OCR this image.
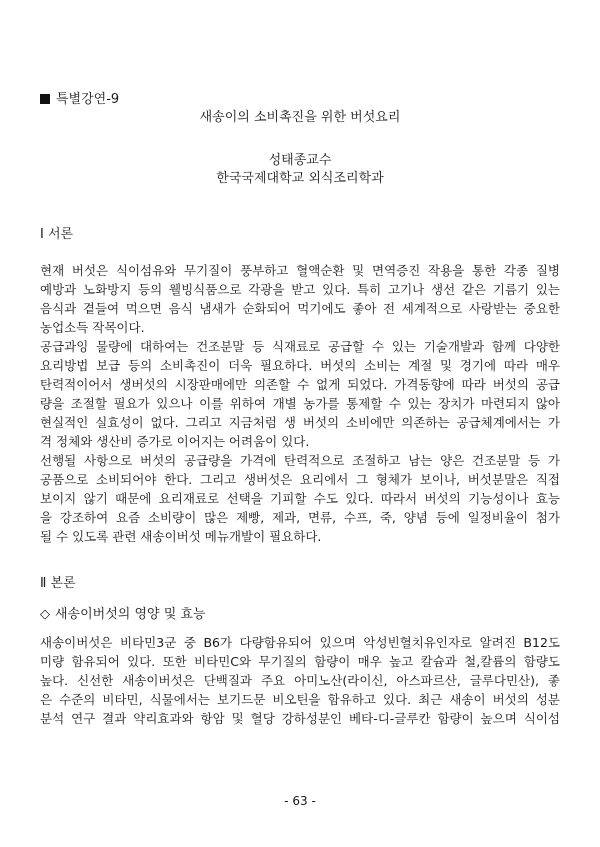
특별강연-9
새송이의 소비촉진을 위한 버섯요리
성태종교수
한국국제대학교 외식조리학과
Ⅰ 서론
현재 버섯은 식이섬유와 무기질이 풍부하고 혈액순환 및 면역증진 작용을 통한 각종 질병
예방과 노화방지 등의 웰빙식품으로 각광을 받고 있다. 특히 고기나 생선 같은 기름기 있는
음식과 곁들여 먹으면 음식 냄새가 순화되어 먹기에도 좋아 전 세계적으로 사랑받는 중요한
농업소득 작목이다.
공급과잉 물량에 대하여는 건조분말 등 식재료로 공급할 수 있는 기술개발과 함께 다양한
요리방법 보급 등의 소비촉진이 더욱 필요하다. 버섯의 소비는 계절 및 경기에 따라 매우
탄력적이어서 생버섯의 시장판매에만 의존할 수 없게 되었다. 가격동향에 따라 버섯의 공급
량을 조절할 필요가 있으나 이를 위하여 개별 농가를 통제할 수 있는 장치가 마련되지 않아
현실적인 실효성이 없다. 그리고 지금처럼 생 버섯의 소비에만 의존하는 공급체계에서는 가
격 정체와 생산비 증가로 이어지는 어려움이 있다.
선행될 사항으로 버섯의 공급량을 가격에 탄력적으로 조절하고 남는 양은 건조분말 등 가
공품으로 소비되어야 한다. 그리고 생버섯은 요리에서 그 형체가 보이나, 버섯분말은 직접
보이지 않기 때문에 요리재료로 선택을 기피할 수도 있다. 따라서 버섯의 기능성이나 효능
을 강조하여 요즘 소비량이 많은 제빵, 제과, 면류, 수프, 죽, 양념 등에 일정비율이 첨가
될 수 있도록 관련 새송이버섯 메뉴개발이 필요하다.
Ⅱ 본론
◇ 새송이버섯의 영양 및 효능
새송이버섯은 비타민3군 중 B6가 다량함유되어 있으며 악성빈혈치유인자로 알려진 B12도
미량 함유되어 있다. 또한 비타민C와 무기질의 함량이 매우 높고 칼슘과 철,칼륨의 함량도
높다. 신선한 새송이버섯은 단백질과 주요 아미노산(라이신, 아스파르산, 글루다민산), 좋
은 수준의 비타민, 식물에서는 보기드문 비오틴을 함유하고 있다. 최근 새송이 버섯의 성분
분석 연구 결과 약리효과와 항암 및 혈당 강하성분인 베타-디-글루칸 함량이 높으며 식이섬
- 63 -
